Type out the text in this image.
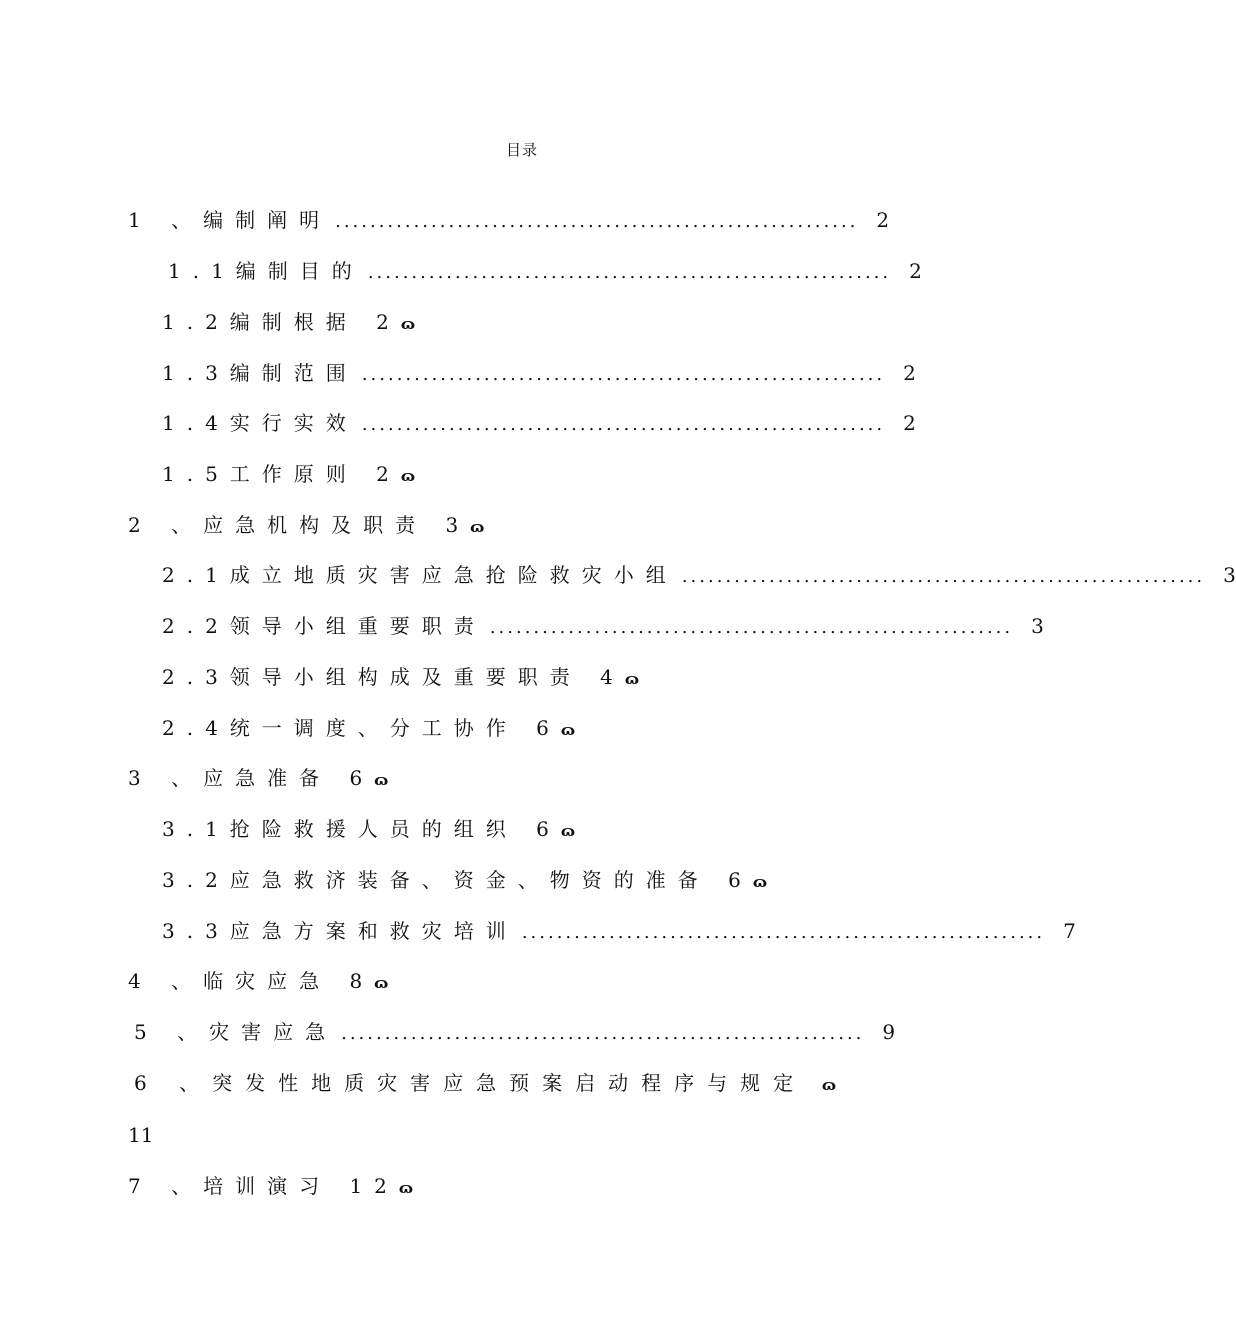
目录
1 、编制阐明 ............................................................ 2
1.1编制目的 ............................................................ 2
1.2编制根据 2 ɷ
1.3编制范围 ............................................................ 2
1.4实行实效 ............................................................ 2
1.5工作原则 2 ɷ
2 、应急机构及职责 3 ɷ
2.1成立地质灾害应急抢险救灾小组 ............................................................ 3
2.2领导小组重要职责 ............................................................ 3
2.3领导小组构成及重要职责 4 ɷ
2.4统一调度、分工协作 6 ɷ
3 、应急准备 6 ɷ
3.1抢险救援人员的组织 6 ɷ
3.2应急救济装备、资金、物资的准备 6 ɷ
3.3应急方案和救灾培训 ............................................................ 7
4 、临灾应急 8 ɷ
5 、灾害应急 ............................................................ 9
6 、突发性地质灾害应急预案启动程序与规定 ɷ
11
7 、培训演习 12 ɷ
